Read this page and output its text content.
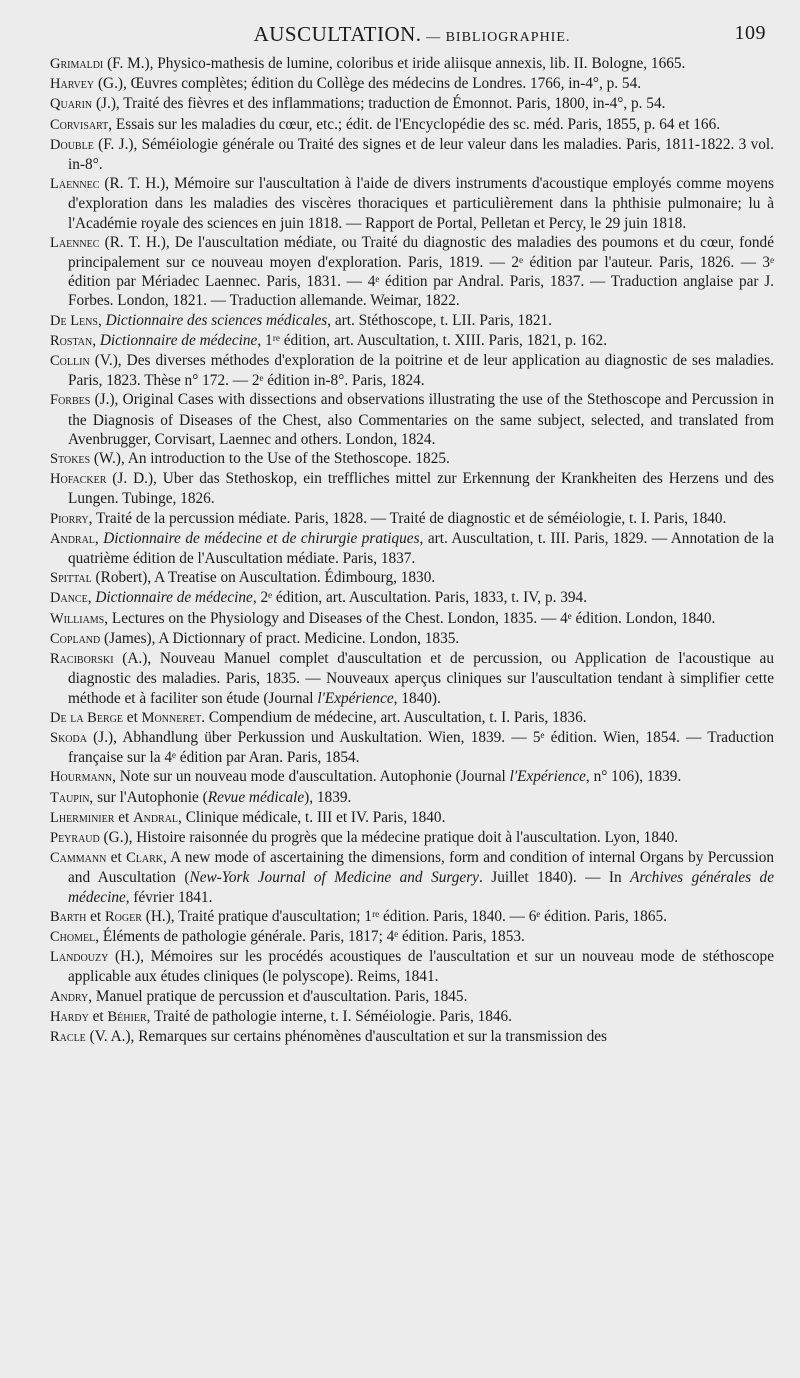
AUSCULTATION. — BIBLIOGRAPHIE.	109

Grimaldi (F. M.), Physico-mathesis de lumine, coloribus et iride aliisque annexis, lib. II. Bologne, 1665.

Harvey (G.), Œuvres complètes; édition du Collège des médecins de Londres. 1766, in-4°, p. 54.

Quarin (J.), Traité des fièvres et des inflammations; traduction de Émonnot. Paris, 1800, in-4°, p. 54.

Corvisart, Essais sur les maladies du cœur, etc.; édit. de l'Encyclopédie des sc. méd. Paris, 1855, p. 64 et 166.

Double (F. J.), Séméiologie générale ou Traité des signes et de leur valeur dans les maladies. Paris, 1811-1822. 3 vol. in-8°.

Laennec (R. T. H.), Mémoire sur l'auscultation à l'aide de divers instruments d'acoustique employés comme moyens d'exploration dans les maladies des viscères thoraciques et particulièrement dans la phthisie pulmonaire; lu à l'Académie royale des sciences en juin 1818. — Rapport de Portal, Pelletan et Percy, le 29 juin 1818.

Laennec (R. T. H.), De l'auscultation médiate, ou Traité du diagnostic des maladies des poumons et du cœur, fondé principalement sur ce nouveau moyen d'exploration. Paris, 1819. — 2ᵉ édition par l'auteur. Paris, 1826. — 3ᵉ édition par Mériadec Laennec. Paris, 1831. — 4ᵉ édition par Andral. Paris, 1837. — Traduction anglaise par J. Forbes. London, 1821. — Traduction allemande. Weimar, 1822.

De Lens, Dictionnaire des sciences médicales, art. Stéthoscope, t. LII. Paris, 1821.

Rostan, Dictionnaire de médecine, 1ʳᵉ édition, art. Auscultation, t. XIII. Paris, 1821, p. 162.

Collin (V.), Des diverses méthodes d'exploration de la poitrine et de leur application au diagnostic de ses maladies. Paris, 1823. Thèse n° 172. — 2ᵉ édition in-8°. Paris, 1824.

Forbes (J.), Original Cases with dissections and observations illustrating the use of the Stethoscope and Percussion in the Diagnosis of Diseases of the Chest, also Commentaries on the same subject, selected, and translated from Avenbrugger, Corvisart, Laennec and others. London, 1824.

Stokes (W.), An introduction to the Use of the Stethoscope. 1825.

Hofacker (J. D.), Uber das Stethoskop, ein treffliches mittel zur Erkennung der Krankheiten des Herzens und des Lungen. Tubinge, 1826.

Piorry, Traité de la percussion médiate. Paris, 1828. — Traité de diagnostic et de séméiologie, t. I. Paris, 1840.

Andral, Dictionnaire de médecine et de chirurgie pratiques, art. Auscultation, t. III. Paris, 1829. — Annotation de la quatrième édition de l'Auscultation médiate. Paris, 1837.

Spittal (Robert), A Treatise on Auscultation. Édimbourg, 1830.

Dance, Dictionnaire de médecine, 2ᵉ édition, art. Auscultation. Paris, 1833, t. IV, p. 394.

Williams, Lectures on the Physiology and Diseases of the Chest. London, 1835. — 4ᵉ édition. London, 1840.

Copland (James), A Dictionnary of pract. Medicine. London, 1835.

Raciborski (A.), Nouveau Manuel complet d'auscultation et de percussion, ou Application de l'acoustique au diagnostic des maladies. Paris, 1835. — Nouveaux aperçus cliniques sur l'auscultation tendant à simplifier cette méthode et à faciliter son étude (Journal l'Expérience, 1840).

De la Berge et Monneret. Compendium de médecine, art. Auscultation, t. I. Paris, 1836.

Skoda (J.), Abhandlung über Perkussion und Auskultation. Wien, 1839. — 5ᵉ édition. Wien, 1854. — Traduction française sur la 4ᵉ édition par Aran. Paris, 1854.

Hourmann, Note sur un nouveau mode d'auscultation. Autophonie (Journal l'Expérience, n° 106), 1839.

Taupin, sur l'Autophonie (Revue médicale), 1839.

Lherminier et Andral, Clinique médicale, t. III et IV. Paris, 1840.

Peyraud (G.), Histoire raisonnée du progrès que la médecine pratique doit à l'auscultation. Lyon, 1840.

Cammann et Clark, A new mode of ascertaining the dimensions, form and condition of internal Organs by Percussion and Auscultation (New-York Journal of Medicine and Surgery. Juillet 1840). — In Archives générales de médecine, février 1841.

Barth et Roger (H.), Traité pratique d'auscultation; 1ʳᵉ édition. Paris, 1840. — 6ᵉ édition. Paris, 1865.

Chomel, Éléments de pathologie générale. Paris, 1817; 4ᵉ édition. Paris, 1853.

Landouzy (H.), Mémoires sur les procédés acoustiques de l'auscultation et sur un nouveau mode de stéthoscope applicable aux études cliniques (le polyscope). Reims, 1841.

Andry, Manuel pratique de percussion et d'auscultation. Paris, 1845.

Hardy et Béhier, Traité de pathologie interne, t. I. Séméiologie. Paris, 1846.

Racle (V. A.), Remarques sur certains phénomènes d'auscultation et sur la transmission des
